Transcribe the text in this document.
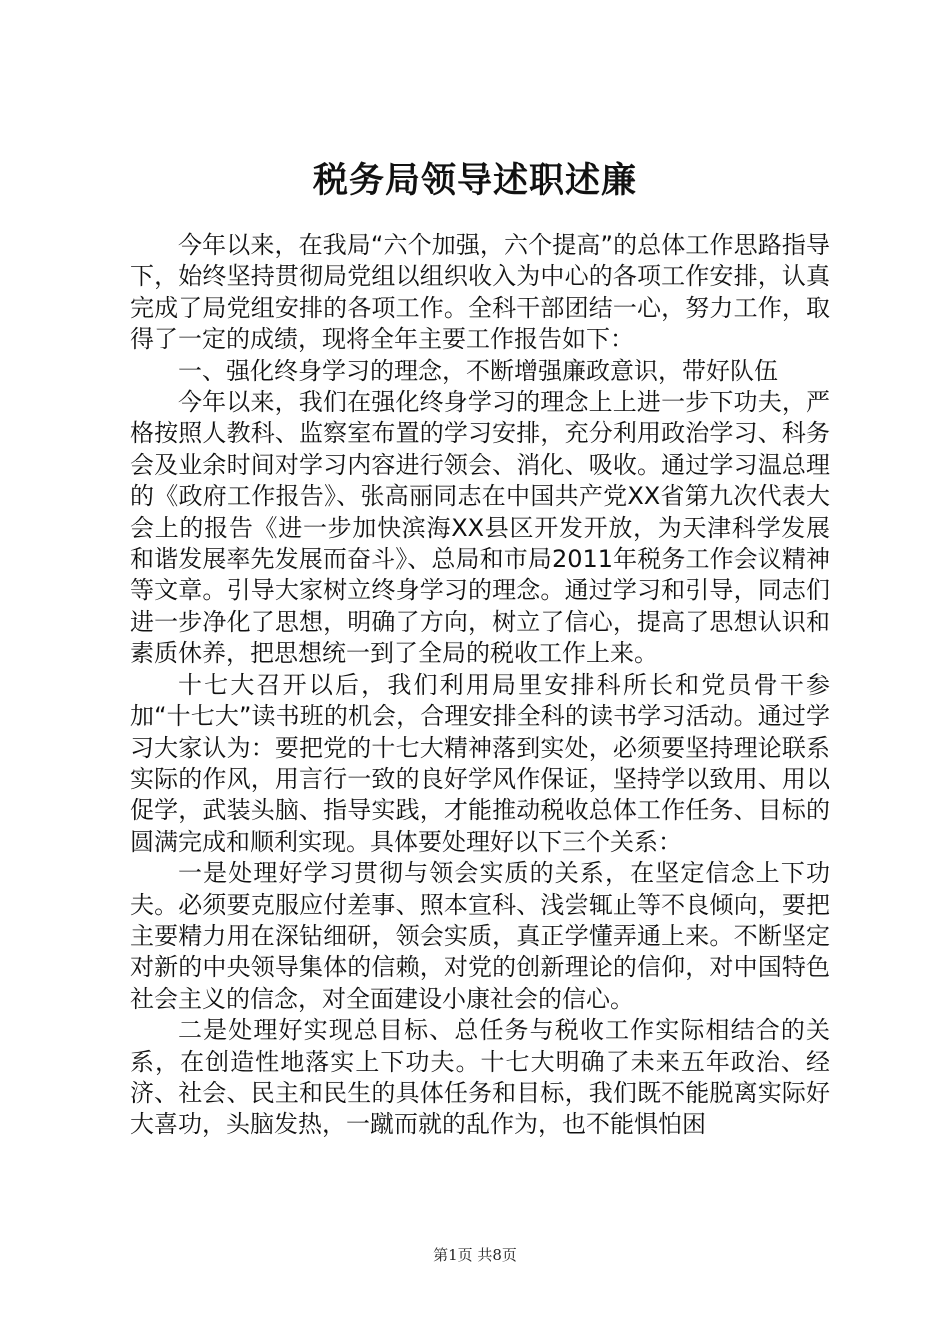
税务局领导述职述廉

今年以来，在我局“六个加强，六个提高”的总体工作思路指导下，始终坚持贯彻局党组以组织收入为中心的各项工作安排，认真完成了局党组安排的各项工作。全科干部团结一心，努力工作，取得了一定的成绩，现将全年主要工作报告如下：

一、强化终身学习的理念，不断增强廉政意识，带好队伍

今年以来，我们在强化终身学习的理念上上进一步下功夫，严格按照人教科、监察室布置的学习安排，充分利用政治学习、科务会及业余时间对学习内容进行领会、消化、吸收。通过学习温总理的《政府工作报告》、张高丽同志在中国共产党XX省第九次代表大会上的报告《进一步加快滨海XX县区开发开放，为天津科学发展和谐发展率先发展而奋斗》、总局和市局2011年税务工作会议精神等文章。引导大家树立终身学习的理念。通过学习和引导，同志们进一步净化了思想，明确了方向，树立了信心，提高了思想认识和素质休养，把思想统一到了全局的税收工作上来。

十七大召开以后，我们利用局里安排科所长和党员骨干参加“十七大”读书班的机会，合理安排全科的读书学习活动。通过学习大家认为：要把党的十七大精神落到实处，必须要坚持理论联系实际的作风，用言行一致的良好学风作保证，坚持学以致用、用以促学，武装头脑、指导实践，才能推动税收总体工作任务、目标的圆满完成和顺利实现。具体要处理好以下三个关系：

一是处理好学习贯彻与领会实质的关系，在坚定信念上下功夫。必须要克服应付差事、照本宣科、浅尝辄止等不良倾向，要把主要精力用在深钻细研，领会实质，真正学懂弄通上来。不断坚定对新的中央领导集体的信赖，对党的创新理论的信仰，对中国特色社会主义的信念，对全面建设小康社会的信心。

二是处理好实现总目标、总任务与税收工作实际相结合的关系，在创造性地落实上下功夫。十七大明确了未来五年政治、经济、社会、民主和民生的具体任务和目标，我们既不能脱离实际好大喜功，头脑发热，一蹴而就的乱作为，也不能惧怕困

第1页 共8页
